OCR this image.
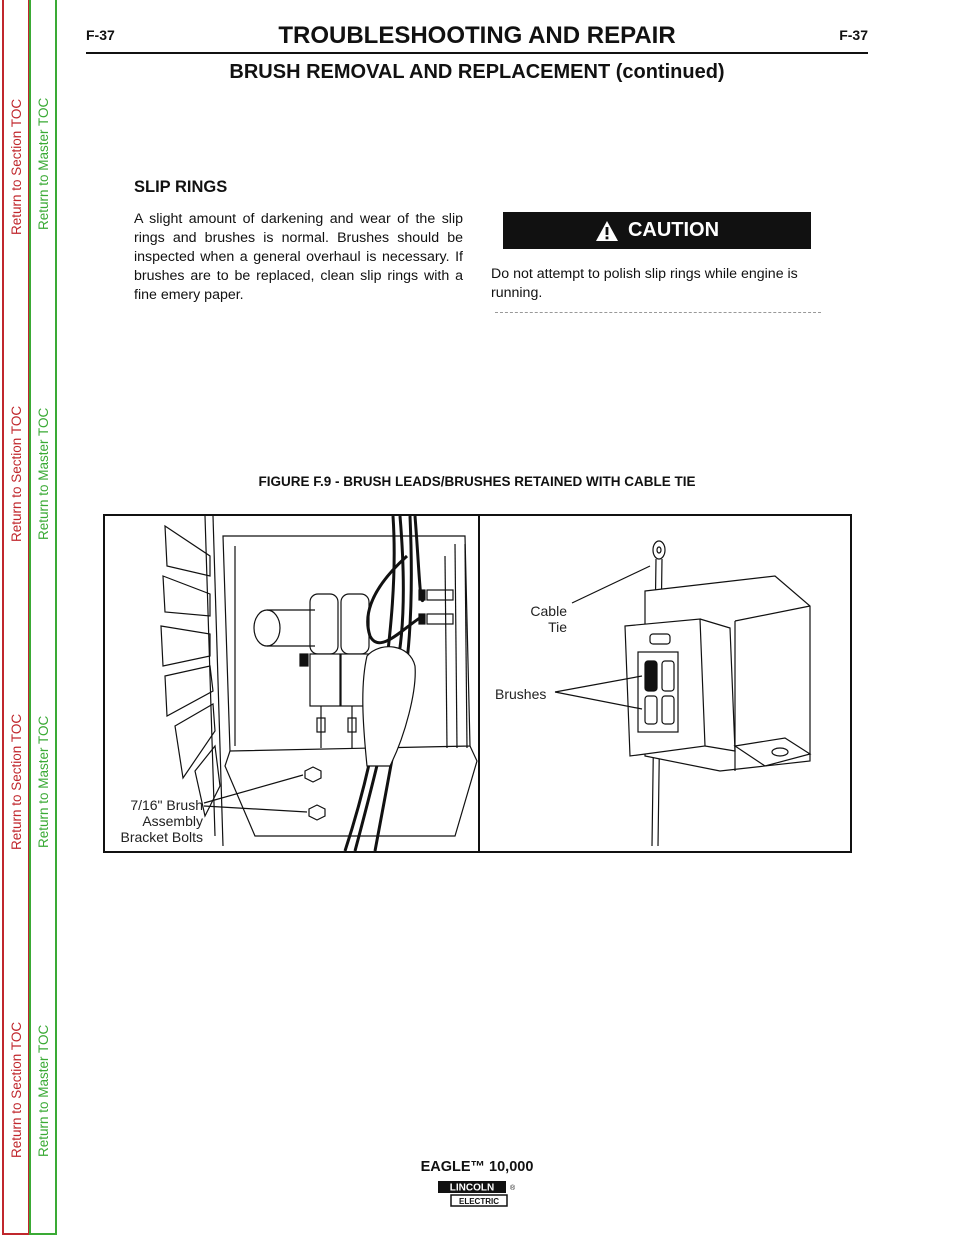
Return to Section TOC
Return to Section TOC
Return to Section TOC
Return to Section TOC
Return to Master TOC
Return to Master TOC
Return to Master TOC
Return to Master TOC
F-37	F-37
TROUBLESHOOTING AND REPAIR
BRUSH REMOVAL AND REPLACEMENT (continued)
SLIP RINGS
A slight amount of darkening and wear of the slip rings and brushes is normal. Brushes should be inspected when a general overhaul is necessary. If brushes are to be replaced, clean slip rings with a fine emery paper.
CAUTION
Do not attempt to polish slip rings while engine is running.
FIGURE F.9 - BRUSH LEADS/BRUSHES RETAINED WITH CABLE TIE
7/16" Brush
Assembly
Bracket Bolts
Cable
Tie
Brushes
EAGLE™ 10,000
LINCOLN
ELECTRIC
®
